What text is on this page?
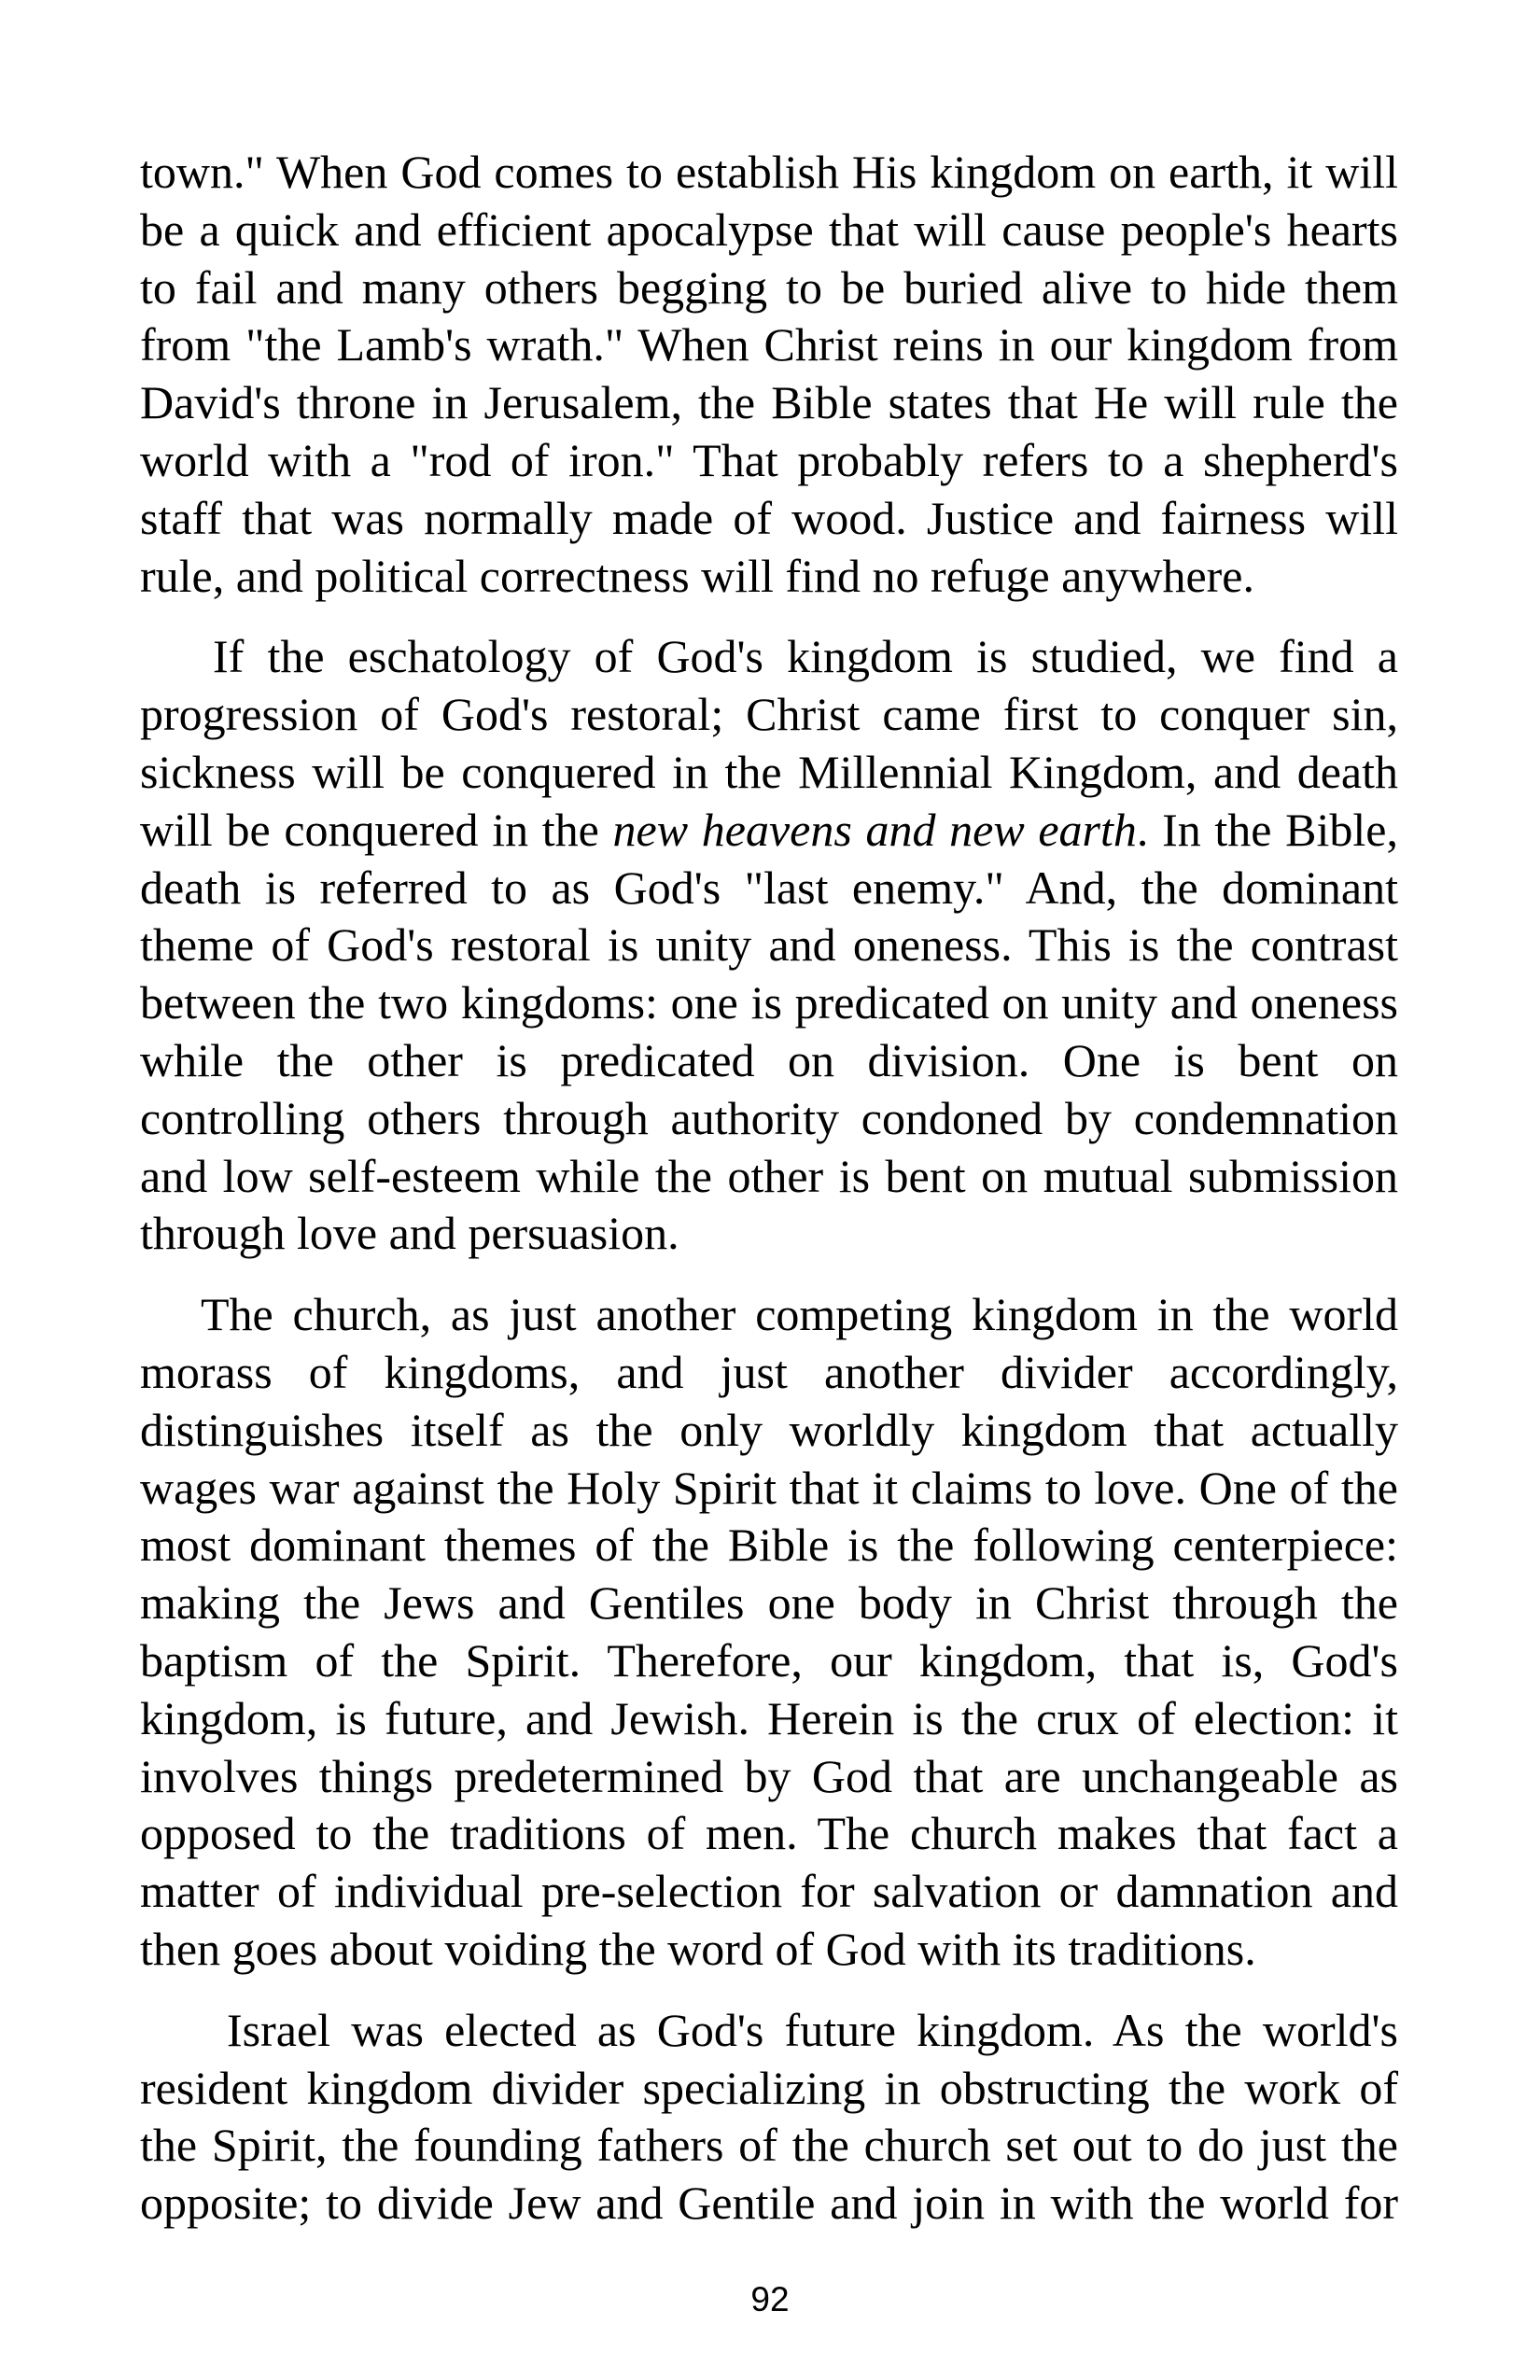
town." When God comes to establish His kingdom on earth, it will be a quick and efficient apocalypse that will cause people's hearts to fail and many others begging to be buried alive to hide them from "the Lamb's wrath." When Christ reins in our kingdom from David's throne in Jerusalem, the Bible states that He will rule the world with a "rod of iron." That probably refers to a shepherd's staff that was normally made of wood. Justice and fairness will rule, and political correctness will find no refuge anywhere.

If the eschatology of God's kingdom is studied, we find a progression of God's restoral; Christ came first to conquer sin, sickness will be conquered in the Millennial Kingdom, and death will be conquered in the new heavens and new earth. In the Bible, death is referred to as God's "last enemy." And, the dominant theme of God's restoral is unity and oneness. This is the contrast between the two kingdoms: one is predicated on unity and oneness while the other is predicated on division. One is bent on controlling others through authority condoned by condemnation and low self-esteem while the other is bent on mutual submission through love and persuasion.

The church, as just another competing kingdom in the world morass of kingdoms, and just another divider accordingly, distinguishes itself as the only worldly kingdom that actually wages war against the Holy Spirit that it claims to love. One of the most dominant themes of the Bible is the following centerpiece: making the Jews and Gentiles one body in Christ through the baptism of the Spirit. Therefore, our kingdom, that is, God's kingdom, is future, and Jewish. Herein is the crux of election: it involves things predetermined by God that are unchangeable as opposed to the traditions of men. The church makes that fact a matter of individual pre-selection for salvation or damnation and then goes about voiding the word of God with its traditions.

Israel was elected as God's future kingdom. As the world's resident kingdom divider specializing in obstructing the work of the Spirit, the founding fathers of the church set out to do just the opposite; to divide Jew and Gentile and join in with the world for

92
